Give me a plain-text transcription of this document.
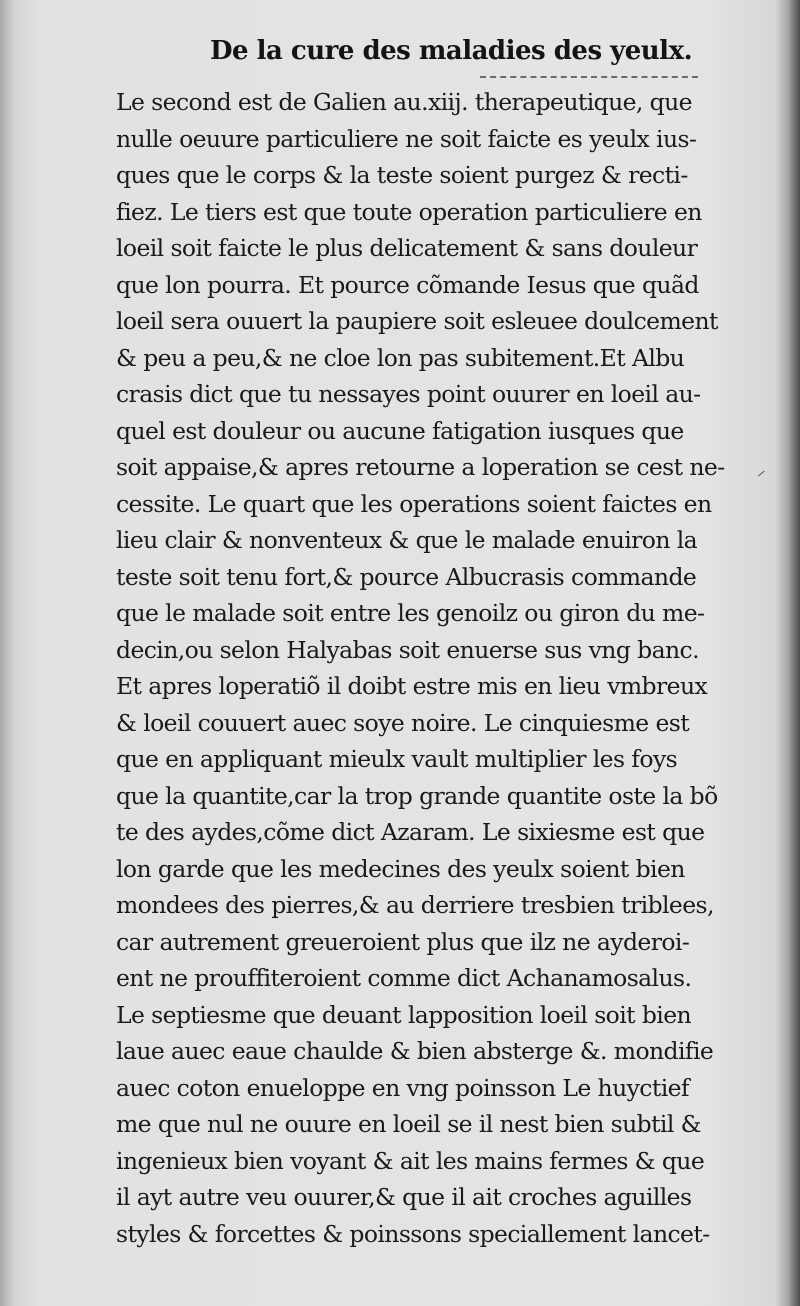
De la cure des maladies des yeulx.
Le second est de Galien au.xiij. therapeutique, que
nulle oeuure particuliere ne soit faicte es yeulx ius-
ques que le corps & la teste soient purgez & recti-
fiez. Le tiers est que toute operation particuliere en
loeil soit faicte le plus delicatement & sans douleur
que lon pourra. Et pource cõmande Iesus que quãd
loeil sera ouuert la paupiere soit esleuee doulcement
& peu a peu,& ne cloe lon pas subitement.Et Albu
crasis dict que tu nessayes point ouurer en loeil au-
quel est douleur ou aucune fatigation iusques que
soit appaise,& apres retourne a loperation se cest ne-
cessite. Le quart que les operations soient faictes en
lieu clair & nonventeux & que le malade enuiron la
teste soit tenu fort,& pource Albucrasis commande
que le malade soit entre les genoilz ou giron du me-
decin,ou selon Halyabas soit enuerse sus vng banc.
Et apres loperatiõ il doibt estre mis en lieu vmbreux
& loeil couuert auec soye noire. Le cinquiesme est
que en appliquant mieulx vault multiplier les foys
que la quantite,car la trop grande quantite oste la bõ
te des aydes,cõme dict Azaram. Le sixiesme est que
lon garde que les medecines des yeulx soient bien
mondees des pierres,& au derriere tresbien triblees,
car autrement greueroient plus que ilz ne ayderoi-
ent ne prouffiteroient comme dict Achanamosalus.
Le septiesme que deuant lapposition loeil soit bien
laue auec eaue chaulde & bien absterge &. mondifie
auec coton enueloppe en vng poinsson Le huyctief
me que nul ne ouure en loeil se il nest bien subtil &
ingenieux bien voyant & ait les mains fermes & que
il ayt autre veu ouurer,& que il ait croches aguilles
styles & forcettes & poinssons speciallement lancet-
